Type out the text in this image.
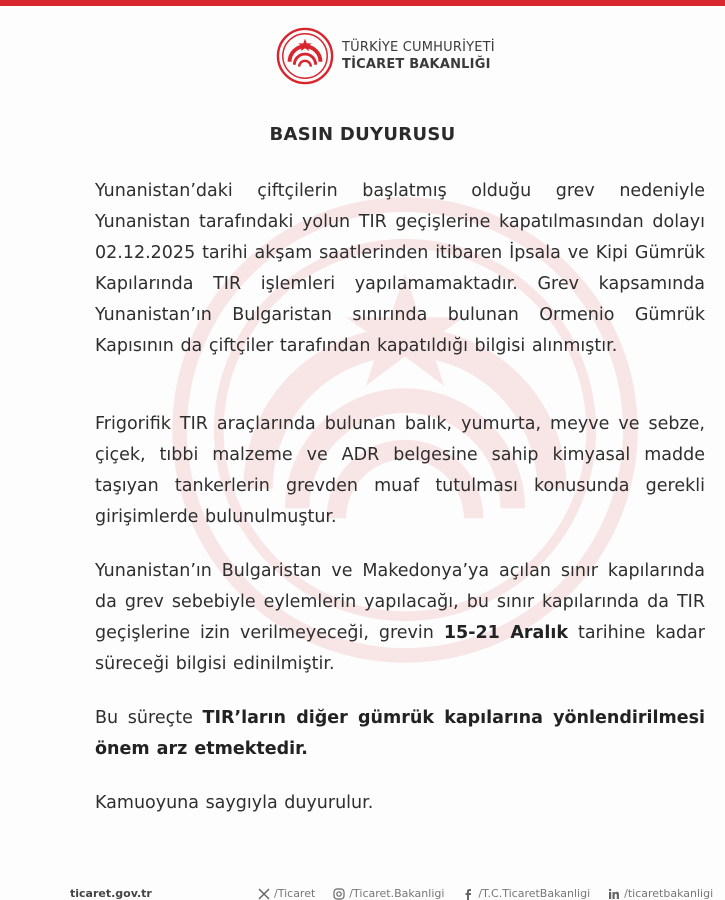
TÜRKİYE CUMHURİYETİ
TİCARET BAKANLIĞI
BASIN DUYURUSU

Yunanistan’daki çiftçilerin başlatmış olduğu grev nedeniyle Yunanistan tarafındaki yolun TIR geçişlerine kapatılmasından dolayı 02.12.2025 tarihi akşam saatlerinden itibaren İpsala ve Kipi Gümrük Kapılarında TIR işlemleri yapılamamaktadır. Grev kapsamında Yunanistan’ın Bulgaristan sınırında bulunan Ormenio Gümrük Kapısının da çiftçiler tarafından kapatıldığı bilgisi alınmıştır.

Frigorifik TIR araçlarında bulunan balık, yumurta, meyve ve sebze, çiçek, tıbbi malzeme ve ADR belgesine sahip kimyasal madde taşıyan tankerlerin grevden muaf tutulması konusunda gerekli girişimlerde bulunulmuştur.

Yunanistan’ın Bulgaristan ve Makedonya’ya açılan sınır kapılarında da grev sebebiyle eylemlerin yapılacağı, bu sınır kapılarında da TIR geçişlerine izin verilmeyeceği, grevin 15-21 Aralık tarihine kadar süreceği bilgisi edinilmiştir.

Bu süreçte TIR’ların diğer gümrük kapılarına yönlendirilmesi önem arz etmektedir.

Kamuoyuna saygıyla duyurulur.

ticaret.gov.tr	/Ticaret	/Ticaret.Bakanligi	/T.C.TicaretBakanligi	/ticaretbakanligi
